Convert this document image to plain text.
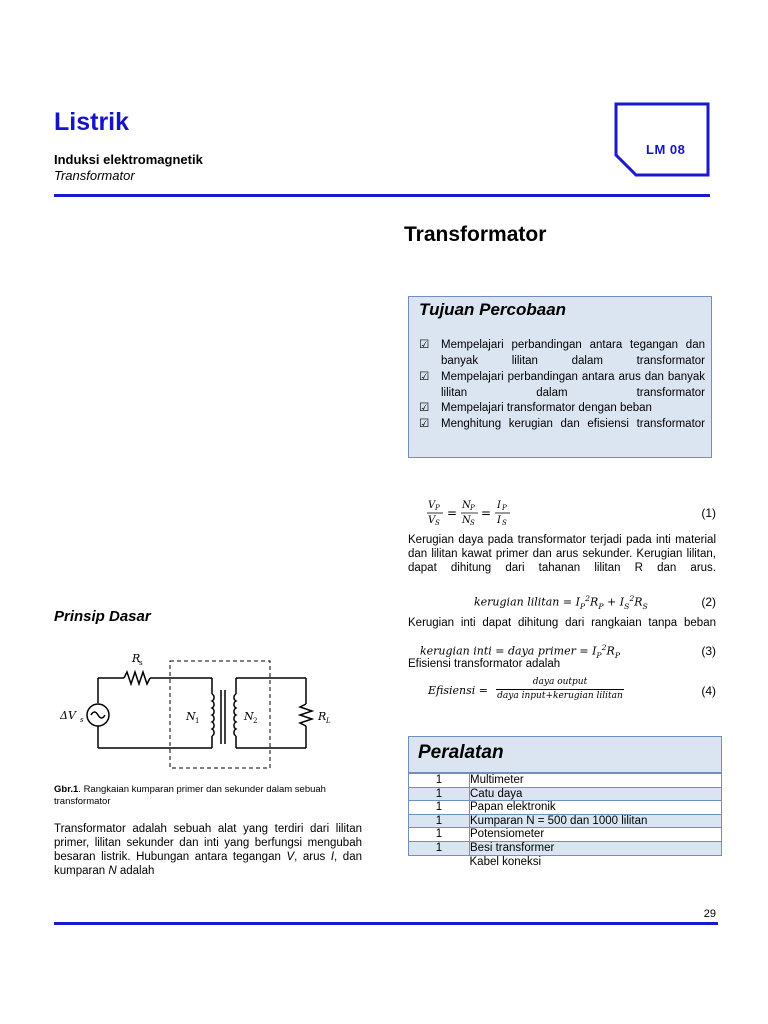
Listrik
Induksi elektromagnetik
Transformator
LM 08
Transformator
Tujuan Percobaan
☑ Mempelajari perbandingan antara tegangan dan banyak lilitan dalam transformator
☑ Mempelajari perbandingan antara arus dan banyak lilitan dalam transformator
☑ Mempelajari transformator dengan beban
☑ Menghitung kerugian dan efisiensi transformator
V P
V S
=
N P
N S
=
I P
I S
(1)
Kerugian daya pada transformator terjadi pada inti material dan lilitan kawat primer dan arus sekunder. Kerugian lilitan, dapat dihitung dari tahanan lilitan R dan arus.
kerugian lilitan = $I_P^2R_P + I_S^2R_S$	(2)
Kerugian inti dapat dihitung dari rangkaian tanpa beban
kerugian inti = daya primer = $I_P^2R_P$	(3)
Efisiensi transformator adalah
Efisiensi =
daya output
daya input+kerugian lilitan	(4)
Prinsip Dasar
R
s
ΔV s	N 1	N 2	R L
Gbr.1. Rangkaian kumparan primer dan sekunder dalam sebuah transformator
Transformator adalah sebuah alat yang terdiri dari lilitan primer, lilitan sekunder dan inti yang berfungsi mengubah besaran listrik. Hubungan antara tegangan V, arus I, dan kumparan N adalah
Peralatan
1	Multimeter
1	Catu daya
1	Papan elektronik
1	Kumparan N = 500 dan 1000 lilitan
1	Potensiometer
1	Besi transformer
	Kabel koneksi
29
